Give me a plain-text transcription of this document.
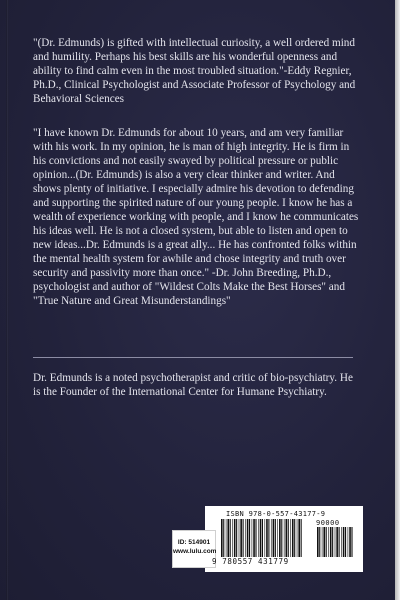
"(Dr. Edmunds) is gifted with intellectual curiosity, a well ordered mind and humility. Perhaps his best skills are his wonderful openness and ability to find calm even in the most troubled situation."-Eddy Regnier, Ph.D., Clinical Psychologist and Associate Professor of Psychology and Behavioral Sciences

"I have known Dr. Edmunds for about 10 years, and am very familiar with his work. In my opinion, he is man of high integrity. He is firm in his convictions and not easily swayed by political pressure or public opinion...(Dr. Edmunds) is also a very clear thinker and writer. And shows plenty of initiative. I especially admire his devotion to defending and supporting the spirited nature of our young people. I know he has a wealth of experience working with people, and I know he communicates his ideas well. He is not a closed system, but able to listen and open to new ideas...Dr. Edmunds is a great ally... He has confronted folks within the mental health system for awhile and chose integrity and truth over security and passivity more than once." -Dr. John Breeding, Ph.D., psychologist and author of "Wildest Colts Make the Best Horses" and "True Nature and Great Misunderstandings"

Dr. Edmunds is a noted psychotherapist and critic of bio-psychiatry. He is the Founder of the International Center for Humane Psychiatry.

ID: 514901
www.lulu.com
ISBN 978-0-557-43177-9
90000
9 780557 431779
